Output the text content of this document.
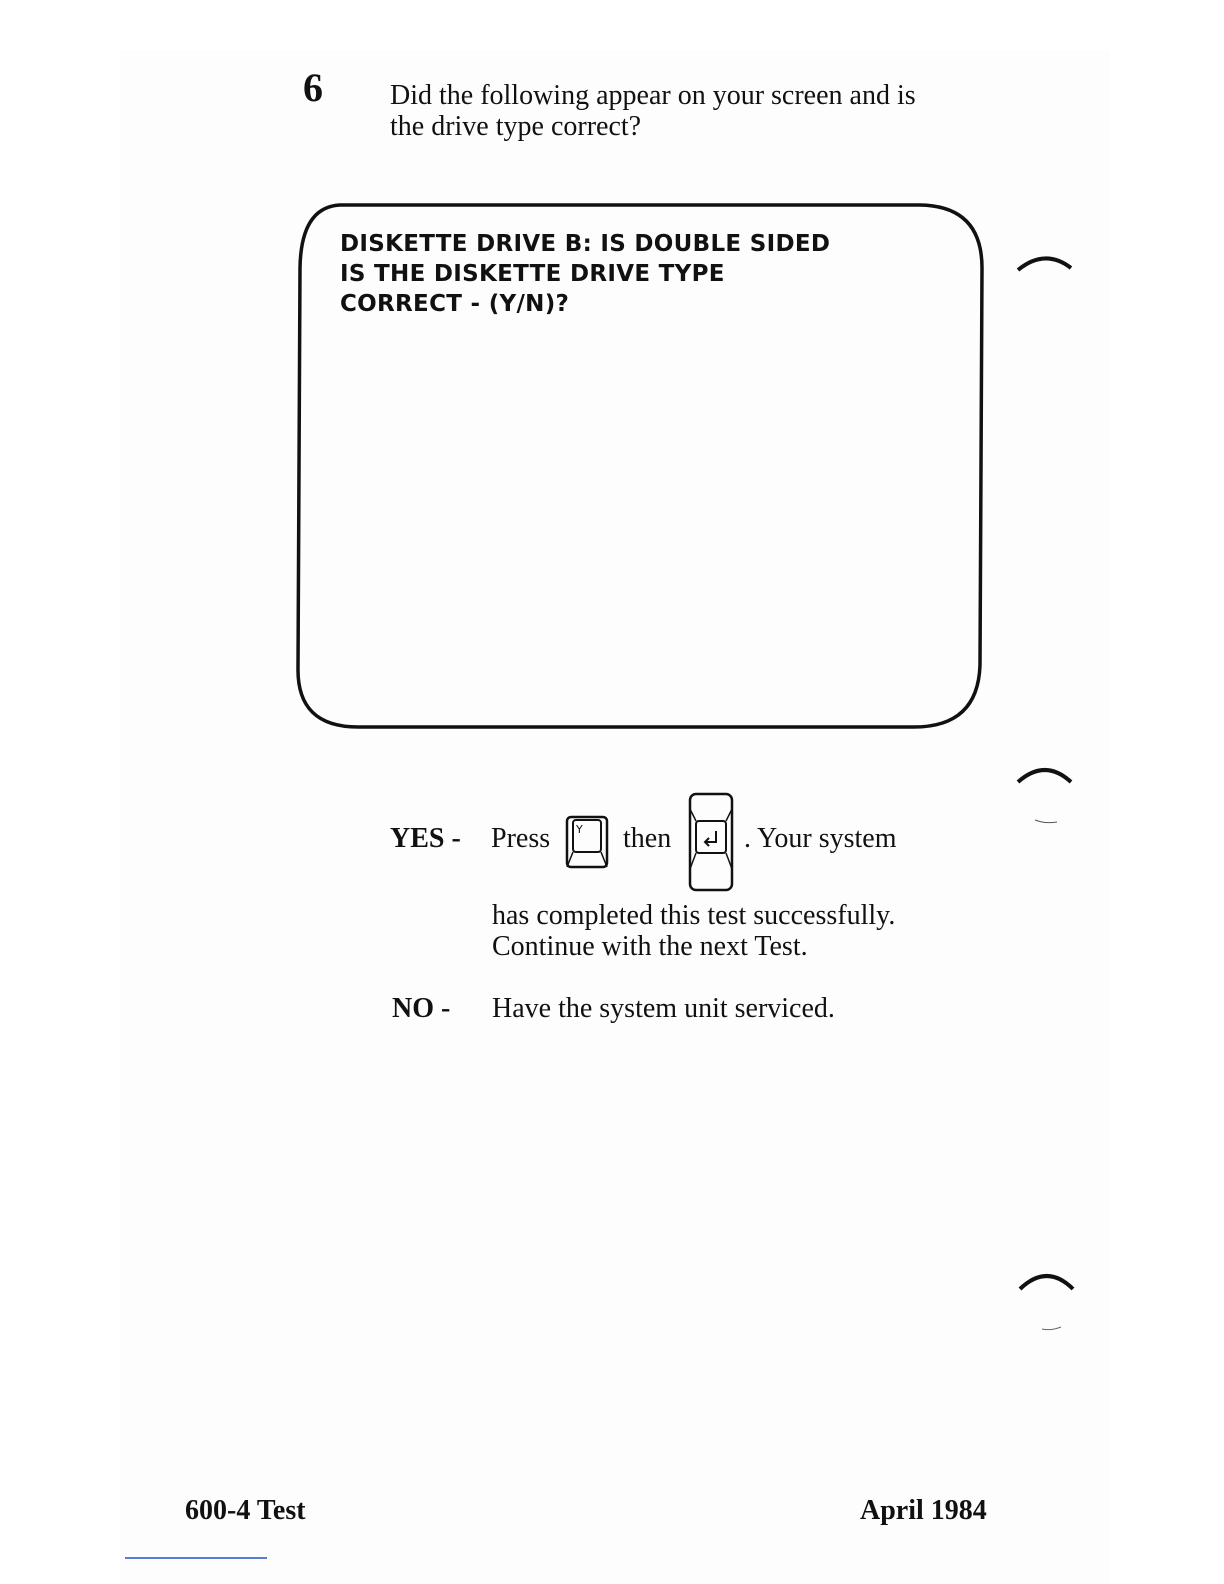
6 Did the following appear on your screen and is
the drive type correct?
DISKETTE DRIVE B: IS DOUBLE SIDED
IS THE DISKETTE DRIVE TYPE
CORRECT - (Y/N)?
YES - Press Y then	. Your system
has completed this test successfully.
Continue with the next Test.
NO - Have the system unit serviced.
600-4 Test	April 1984
